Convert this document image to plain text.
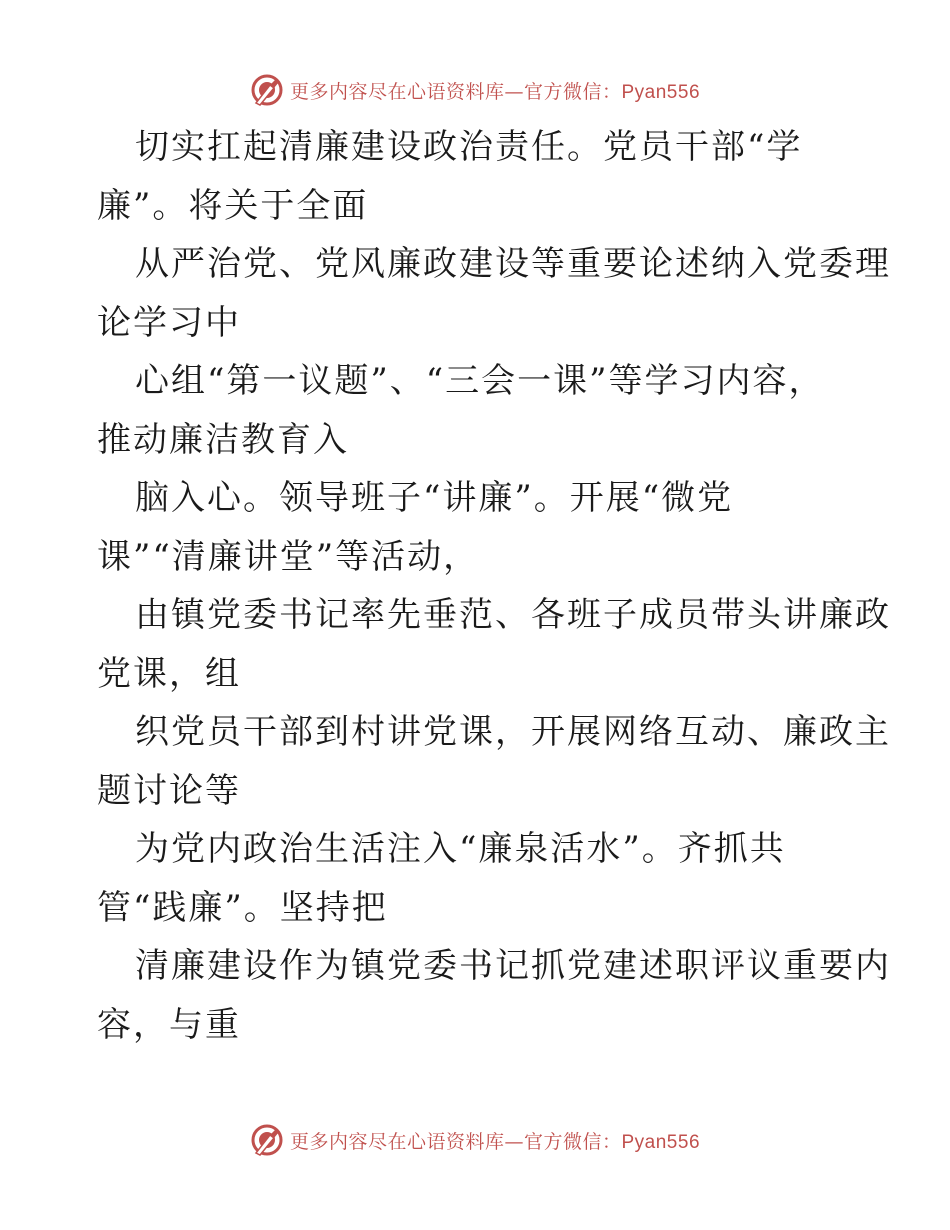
更多内容尽在心语资料库—官方微信：Pyan556

切实扛起清廉建设政治责任。党员干部“学
廉”。将关于全面

从严治党、党风廉政建设等重要论述纳入党委理
论学习中

心组“第一议题”、“三会一课”等学习内容，
推动廉洁教育入

脑入心。领导班子“讲廉”。开展“微党
课”“清廉讲堂”等活动，

由镇党委书记率先垂范、各班子成员带头讲廉政
党课，组

织党员干部到村讲党课，开展网络互动、廉政主
题讨论等

为党内政治生活注入“廉泉活水”。齐抓共
管“践廉”。坚持把

清廉建设作为镇党委书记抓党建述职评议重要内
容，与重

更多内容尽在心语资料库—官方微信：Pyan556
